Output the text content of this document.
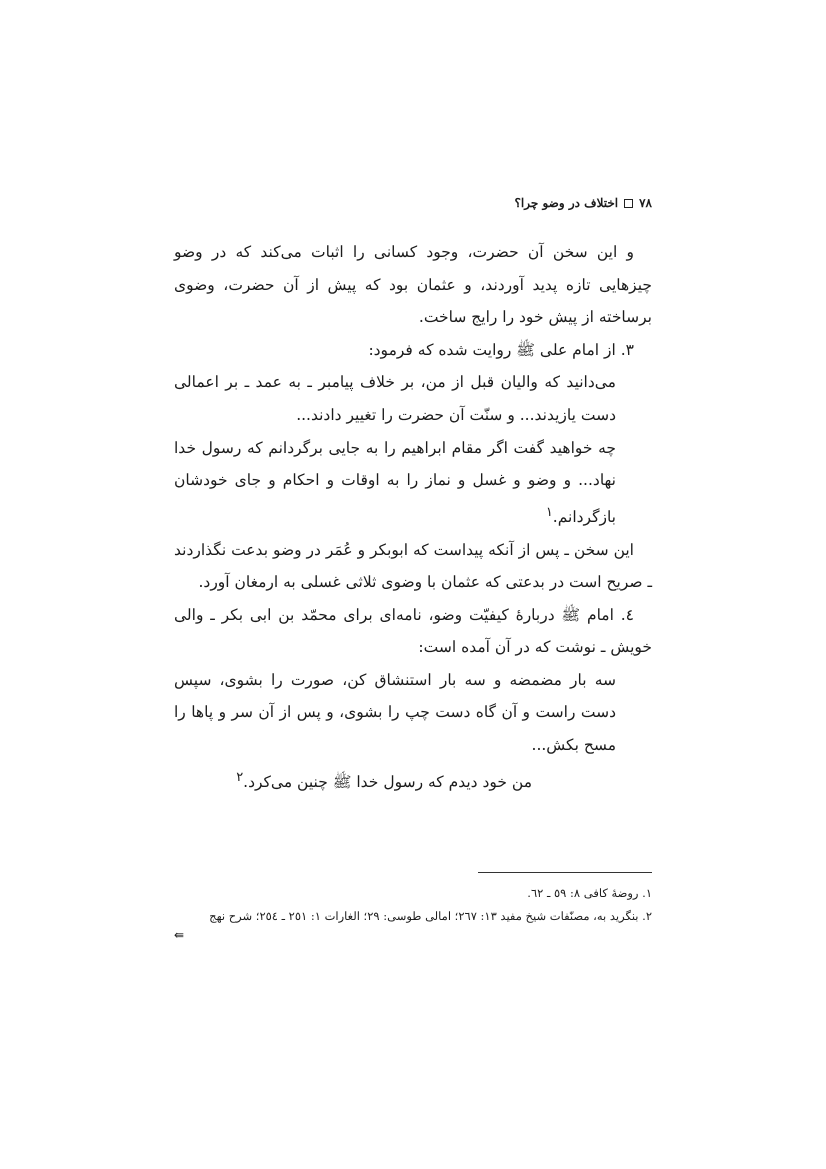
٧٨
اختلاف در وضو چرا؟

و این سخن آن حضرت، وجود کسانی را اثبات می‌کند که در وضو چیزهایی تازه پدید آوردند، و عثمان بود که پیش از آن حضرت، وضوی برساخته از پیش خود را رایج ساخت.

٣. از امام علی ﷺ روایت شده که فرمود:

می‌دانید که والیان قبل از من، بر خلاف پیامبر ـ به عمد ـ بر اعمالی دست یازیدند... و سنّت آن حضرت را تغییر دادند...

چه خواهید گفت اگر مقام ابراهیم را به جایی برگردانم که رسول خدا نهاد... و وضو و غسل و نماز را به اوقات و احکام و جای خودشان بازگردانم.$^١$

این سخن ـ پس از آنکه پیداست که ابوبکر و عُمَر در وضو بدعت نگذاردند ـ صریح است در بدعتی که عثمان با وضوی ثلاثی غسلی به ارمغان آورد.

٤. امام ﷺ دربارهٔ کیفیّت وضو، نامه‌ای برای محمّد بن ابی بکر ـ والی خویش ـ نوشت که در آن آمده است:

سه بار مضمضه و سه بار استنشاق کن، صورت را بشوی، سپس دست راست و آن گاه دست چپ را بشوی، و پس از آن سر و پاها را مسح بکش...

من خود دیدم که رسول خدا ﷺ چنین می‌کرد.$^٢$

١. روضهٔ کافی ٨: ٥٩ ـ ٦٢.

٢. بنگرید به، مصنّفات شیخ مفید ١٣: ٢٦٧؛ امالی طوسی: ٢٩؛ الغارات ١: ٢٥١ ـ ٢٥٤؛ شرح نهج

⇚
